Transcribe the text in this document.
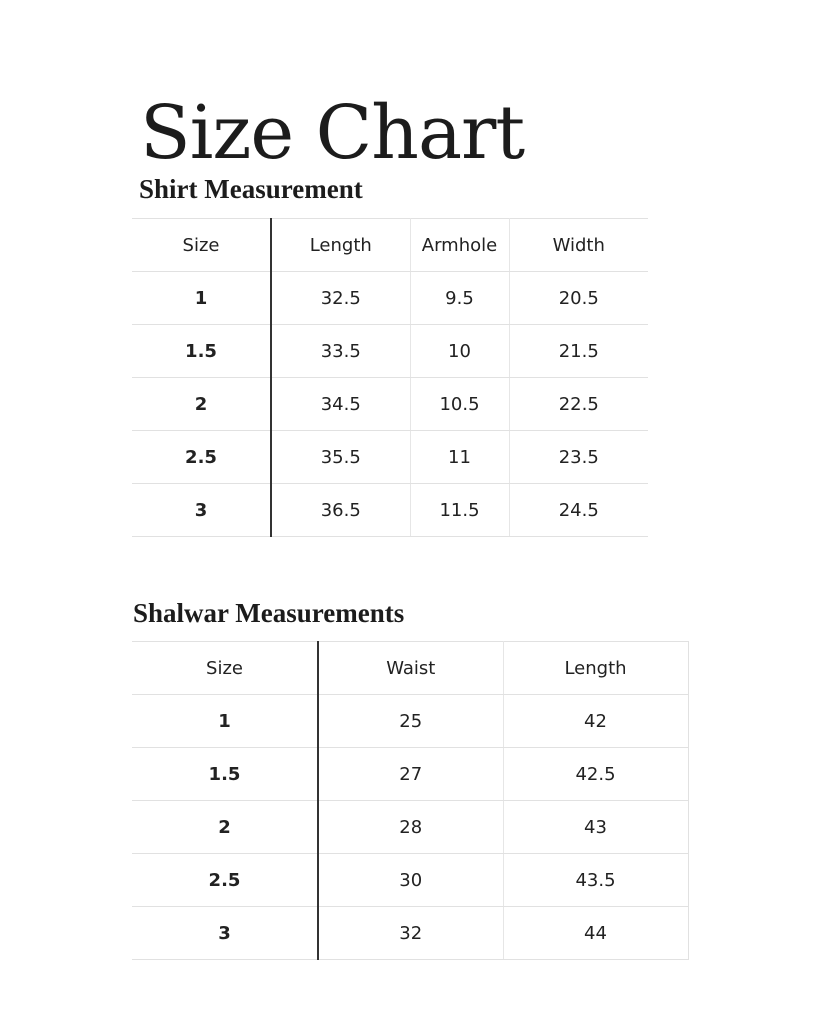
Size Chart
Shirt Measurement
Size	Length	Armhole	Width
1	32.5	9.5	20.5
1.5	33.5	10	21.5
2	34.5	10.5	22.5
2.5	35.5	11	23.5
3	36.5	11.5	24.5
Shalwar Measurements
Size	Waist	Length
1	25	42
1.5	27	42.5
2	28	43
2.5	30	43.5
3	32	44
